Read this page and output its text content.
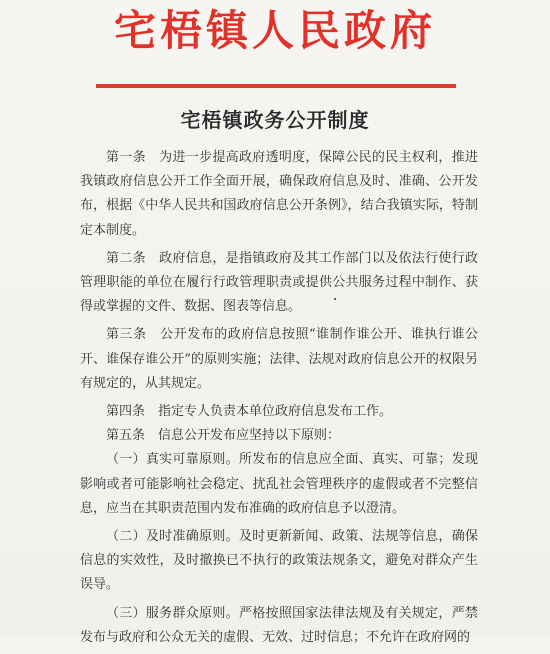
宅梧镇人民政府
宅梧镇政务公开制度

第一条　为进一步提高政府透明度，保障公民的民主权利，推进我镇政府信息公开工作全面开展，确保政府信息及时、准确、公开发布，根据《中华人民共和国政府信息公开条例》，结合我镇实际，特制定本制度。

第二条　政府信息，是指镇政府及其工作部门以及依法行使行政管理职能的单位在履行行政管理职责或提供公共服务过程中制作、获得或掌握的文件、数据、图表等信息。

第三条　公开发布的政府信息按照“谁制作谁公开、谁执行谁公开、谁保存谁公开”的原则实施；法律、法规对政府信息公开的权限另有规定的，从其规定。

第四条　指定专人负责本单位政府信息发布工作。

第五条　信息公开发布应坚持以下原则：

（一）真实可靠原则。所发布的信息应全面、真实、可靠；发现影响或者可能影响社会稳定、扰乱社会管理秩序的虚假或者不完整信息，应当在其职责范围内发布准确的政府信息予以澄清。

（二）及时准确原则。及时更新新闻、政策、法规等信息，确保信息的实效性，及时撤换已不执行的政策法规条文，避免对群众产生误导。

（三）服务群众原则。严格按照国家法律法规及有关规定，严禁发布与政府和公众无关的虚假、无效、过时信息；不允许在政府网的
